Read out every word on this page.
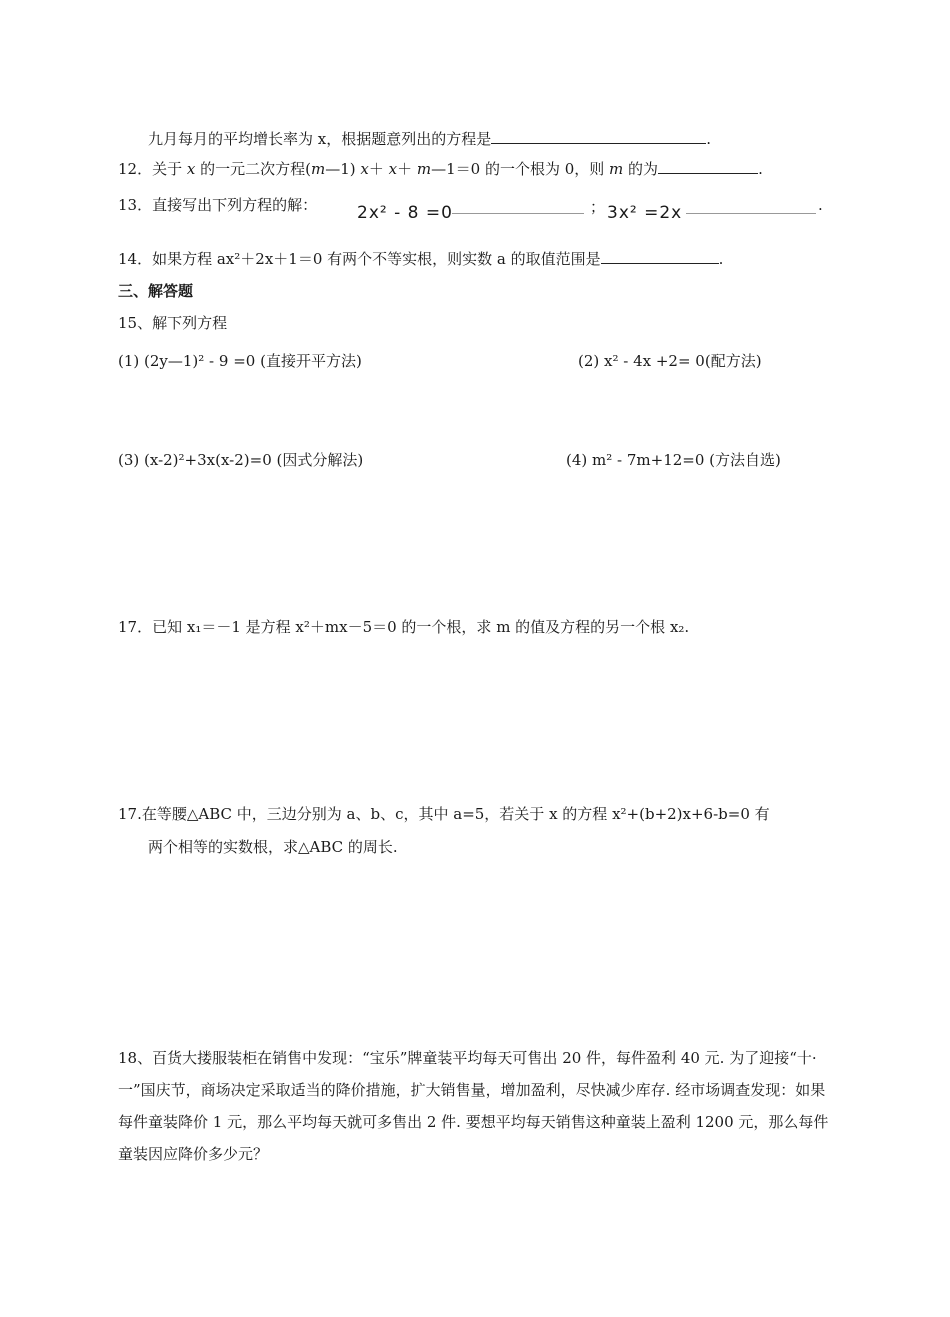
九月每月的平均增长率为 x，根据题意列出的方程是	.
12．关于 x 的一元二次方程(m—1) x＋ x＋ m—1＝0 的一个根为 0，则 m 的为	.
13．直接写出下列方程的解： 2x² - 8 =0	； 3x² =2x	.
14．如果方程 ax²＋2x＋1＝0 有两个不等实根，则实数 a 的取值范围是	.
三、解答题
15、解下列方程
(1) (2y—1)² - 9 =0 (直接开平方法)	(2) x² - 4x +2= 0(配方法)
(3) (x-2)²+3x(x-2)=0 (因式分解法)	(4) m² - 7m+12=0 (方法自选)
17．已知 x₁＝－1 是方程 x²＋mx－5＝0 的一个根，求 m 的值及方程的另一个根 x₂.
17.在等腰△ABC 中，三边分别为 a、b、c，其中 a=5，若关于 x 的方程 x²+(b+2)x+6-b=0 有
两个相等的实数根，求△ABC 的周长.
18、百货大搂服装柜在销售中发现：“宝乐”牌童装平均每天可售出 20 件，每件盈利 40 元. 为了迎接“十·一”国庆节，商场决定采取适当的降价措施，扩大销售量，增加盈利，尽快减少库存. 经市场调查发现：如果每件童装降价 1 元，那么平均每天就可多售出 2 件. 要想平均每天销售这种童装上盈利 1200 元，那么每件童装因应降价多少元？
